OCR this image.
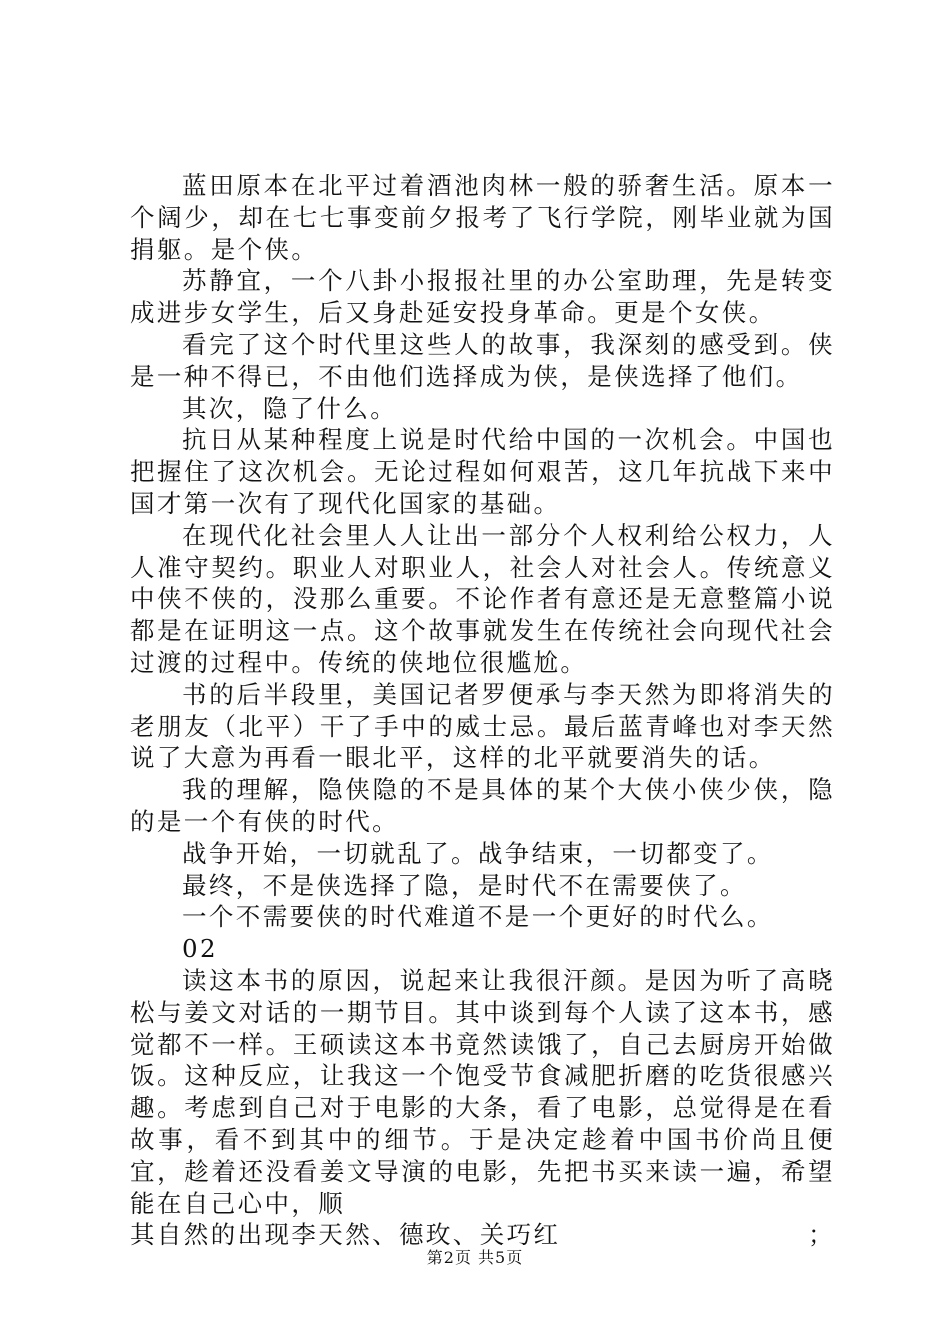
蓝田原本在北平过着酒池肉林一般的骄奢生活。原本一个阔少，却在七七事变前夕报考了飞行学院，刚毕业就为国捐躯。是个侠。

苏静宜，一个八卦小报报社里的办公室助理，先是转变成进步女学生，后又身赴延安投身革命。更是个女侠。

看完了这个时代里这些人的故事，我深刻的感受到。侠是一种不得已，不由他们选择成为侠，是侠选择了他们。

其次，隐了什么。

抗日从某种程度上说是时代给中国的一次机会。中国也把握住了这次机会。无论过程如何艰苦，这几年抗战下来中国才第一次有了现代化国家的基础。

在现代化社会里人人让出一部分个人权利给公权力，人人准守契约。职业人对职业人，社会人对社会人。传统意义中侠不侠的，没那么重要。不论作者有意还是无意整篇小说都是在证明这一点。这个故事就发生在传统社会向现代社会过渡的过程中。传统的侠地位很尴尬。

书的后半段里，美国记者罗便承与李天然为即将消失的老朋友（北平）干了手中的威士忌。最后蓝青峰也对李天然说了大意为再看一眼北平，这样的北平就要消失的话。

我的理解，隐侠隐的不是具体的某个大侠小侠少侠，隐的是一个有侠的时代。

战争开始，一切就乱了。战争结束，一切都变了。

最终，不是侠选择了隐，是时代不在需要侠了。

一个不需要侠的时代难道不是一个更好的时代么。

02

读这本书的原因，说起来让我很汗颜。是因为听了高晓松与姜文对话的一期节目。其中谈到每个人读了这本书，感觉都不一样。王硕读这本书竟然读饿了，自己去厨房开始做饭。这种反应，让我这一个饱受节食减肥折磨的吃货很感兴趣。考虑到自己对于电影的大条，看了电影，总觉得是在看故事，看不到其中的细节。于是决定趁着中国书价尚且便宜，趁着还没看姜文导演的电影，先把书买来读一遍，希望能在自己心中，顺

其自然的出现李天然、德玫、关巧红	；
第2页 共5页
